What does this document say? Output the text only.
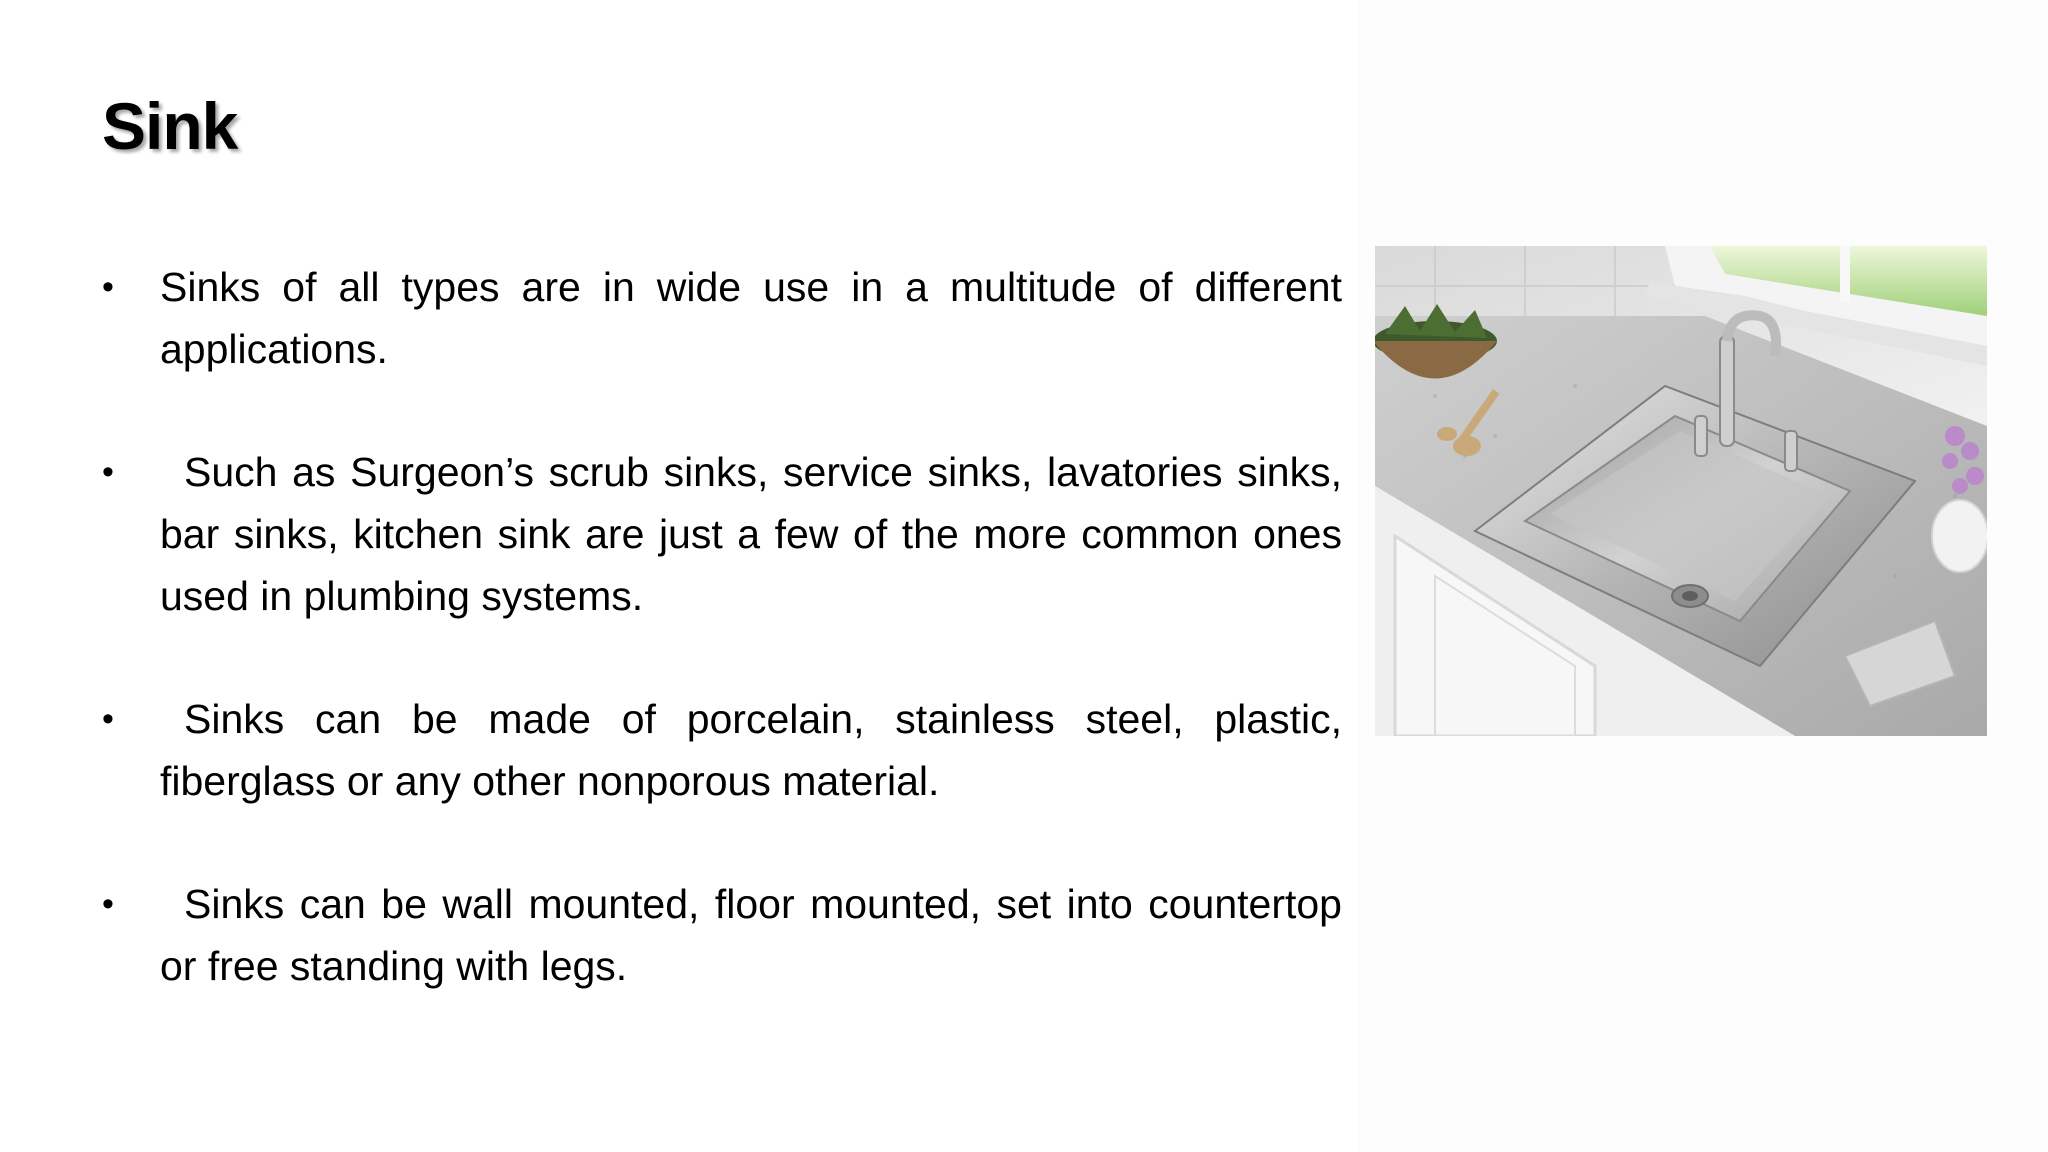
Sink
• Sinks of all types are in wide use in a multitude of different applications.
•	Such as Surgeon’s scrub sinks, service sinks, lavatories sinks, bar sinks, kitchen sink are just a few of the more common ones used in plumbing systems.
•	Sinks can be made of porcelain, stainless steel, plastic, fiberglass or any other nonporous material.
•	Sinks can be wall mounted, floor mounted, set into countertop or free standing with legs.
